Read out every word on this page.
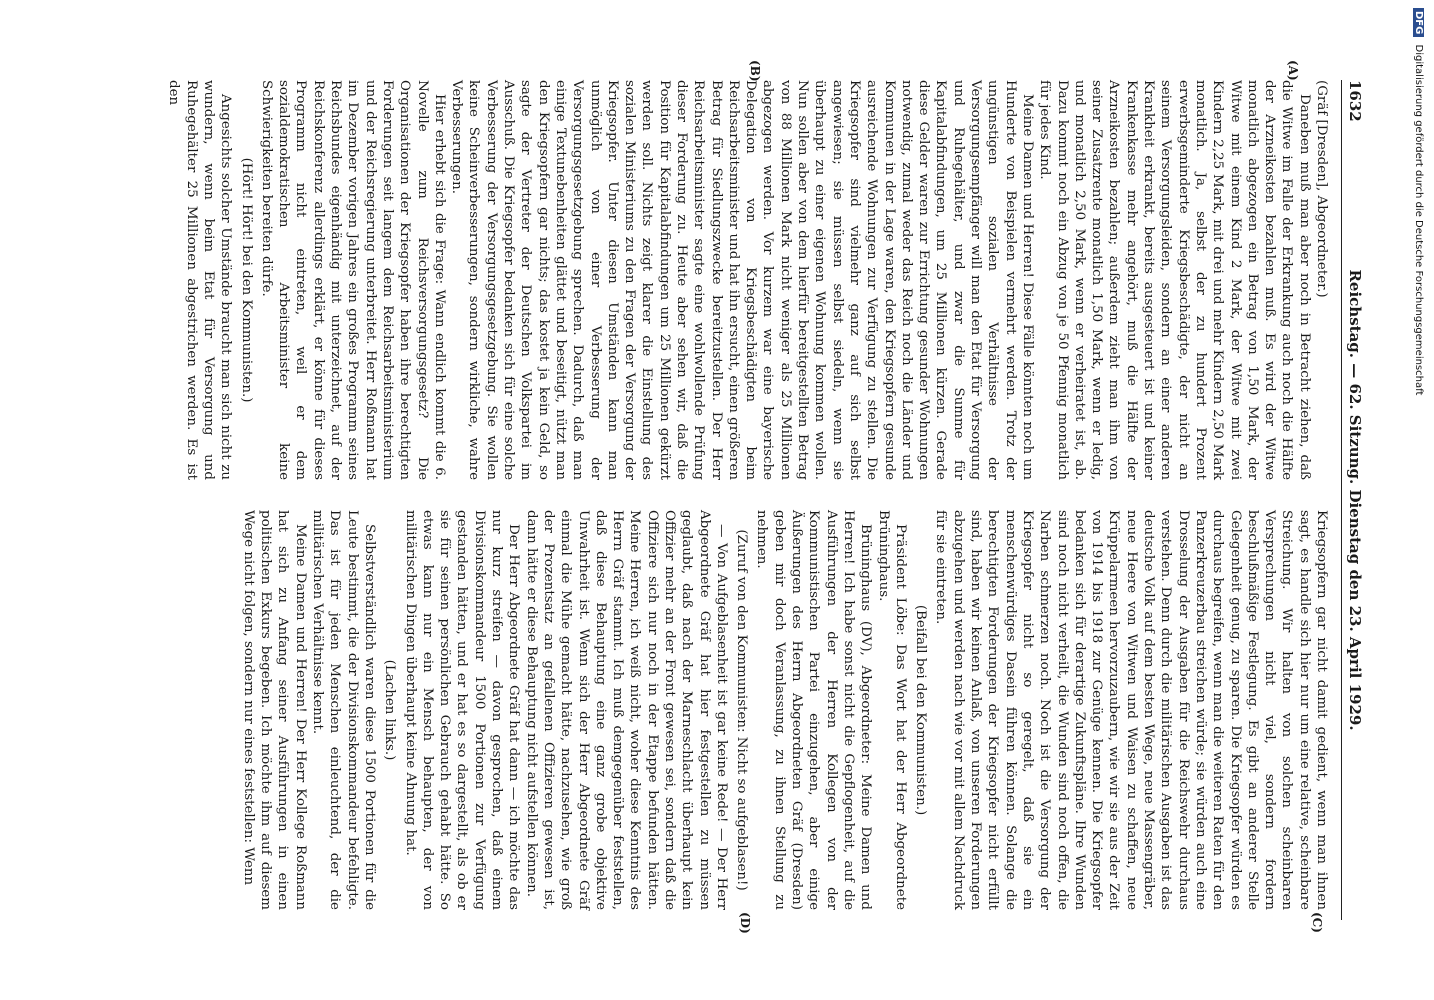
1632
Reichstag. — 62. Sitzung. Dienstag den 23. April 1929.
(A)
(B)
(C)
(D)

(Gräf [Dresden], Abgeordneter.)

Daneben muß man aber noch in Betracht ziehen, daß die Witwe im Falle der Erkrankung auch noch die Hälfte der Arzneikosten bezahlen muß. Es wird der Witwe monatlich abgezogen ein Betrag von 1,50 Mark, der Witwe mit einem Kind 2 Mark, der Witwe mit zwei Kindern 2,25 Mark, mit drei und mehr Kindern 2,50 Mark monatlich. Ja, selbst der zu hundert Prozent erwerbsgeminderte Kriegsbeschädigte, der nicht an seinem Versorgungsleiden, sondern an einer anderen Krankheit erkrankt, bereits ausgesteuert ist und keiner Krankenkasse mehr angehört, muß die Hälfte der Arzneikosten bezahlen; außerdem zieht man ihm von seiner Zusatzrente monatlich 1,50 Mark, wenn er ledig, und monatlich 2,50 Mark, wenn er verheiratet ist, ab. Dazu kommt noch ein Abzug von je 50 Pfennig monatlich für jedes Kind.

Meine Damen und Herren! Diese Fälle könnten noch um Hunderte von Beispielen vermehrt werden. Trotz der ungünstigen sozialen Verhältnisse der Versorgungsempfänger will man den Etat für Versorgung und Ruhegehälter, und zwar die Summe für Kapitalabfindungen, um 25 Millionen kürzen. Gerade diese Gelder waren zur Errichtung gesunder Wohnungen notwendig, zumal weder das Reich noch die Länder und Kommunen in der Lage waren, den Kriegsopfern gesunde ausreichende Wohnungen zur Verfügung zu stellen. Die Kriegsopfer sind vielmehr ganz auf sich selbst angewiesen; sie müssen selbst siedeln, wenn sie überhaupt zu einer eigenen Wohnung kommen wollen. Nun sollen aber von dem hierfür bereitgestellten Betrag von 88 Millionen Mark nicht weniger als 25 Millionen abgezogen werden. Vor kurzem war eine bayerische Delegation von Kriegsbeschädigten beim Reichsarbeitsminister und hat ihn ersucht, einen größeren Betrag für Siedlungszwecke bereitzustellen. Der Herr Reichsarbeitsminister sagte eine wohlwollende Prüfung dieser Forderung zu. Heute aber sehen wir, daß die Position für Kapitalabfindungen um 25 Millionen gekürzt werden soll. Nichts zeigt klarer die Einstellung des sozialen Ministeriums zu den Fragen der Versorgung der Kriegsopfer. Unter diesen Umständen kann man unmöglich von einer Verbesserung der Versorgungsgesetzgebung sprechen. Dadurch, daß man einige Textunebenheiten glättet und beseitigt, nützt man den Kriegsopfern gar nichts; das kostet ja kein Geld, so sagte der Vertreter der Deutschen Volkspartei im Ausschuß. Die Kriegsopfer bedanken sich für eine solche Verbesserung der Versorgungsgesetzgebung. Sie wollen keine Scheinverbesserungen, sondern wirkliche, wahre Verbesserungen.

Hier erhebt sich die Frage: Wann endlich kommt die 6. Novelle zum Reichsversorgungsgesetz? Die Organisationen der Kriegsopfer haben ihre berechtigten Forderungen seit langem dem Reichsarbeitsministerium und der Reichsregierung unterbreitet. Herr Roßmann hat im Dezember vorigen Jahres ein großes Programm seines Reichsbundes eigenhändig mit unterzeichnet, auf der Reichskonferenz allerdings erklärt, er könne für dieses Programm nicht eintreten, weil er dem sozialdemokratischen Arbeitsminister keine Schwierigkeiten bereiten dürfe.

(Hört! Hört! bei den Kommunisten.)

Angesichts solcher Umstände braucht man sich nicht zu wundern, wenn beim Etat für Versorgung und Ruhegehälter 25 Millionen abgestrichen werden. Es ist den

Kriegsopfern gar nicht damit gedient, wenn man ihnen sagt, es handle sich hier nur um eine relative, scheinbare Streichung. Wir halten von solchen scheinbaren Versprechungen nicht viel, sondern fordern beschlußmäßige Festlegung. Es gibt an anderer Stelle Gelegenheit genug, zu sparen. Die Kriegsopfer würden es durchaus begreifen, wenn man die weiteren Raten für den Panzerkreuzerbau streichen würde; sie würden auch eine Drosselung der Ausgaben für die Reichswehr durchaus verstehen. Denn durch die militärischen Ausgaben ist das deutsche Volk auf dem besten Wege, neue Massengräber, neue Heere von Witwen und Waisen zu schaffen, neue Krüppelarmeen hervorzuzaubern, wie wir sie aus der Zeit von 1914 bis 1918 zur Genüge kennen. Die Kriegsopfer bedanken sich für derartige Zukunftspläne. Ihre Wunden sind noch nicht verheilt, die Wunden sind noch offen, die Narben schmerzen noch. Noch ist die Versorgung der Kriegsopfer nicht so geregelt, daß sie ein menschenwürdiges Dasein führen können. Solange die berechtigten Forderungen der Kriegsopfer nicht erfüllt sind, haben wir keinen Anlaß, von unseren Forderungen abzugehen und werden nach wie vor mit allem Nachdruck für sie eintreten.

(Beifall bei den Kommunisten.)

Präsident Löbe: Das Wort hat der Herr Abgeordnete Brüninghaus.

Brüninghaus (DV), Abgeordneter: Meine Damen und Herren! Ich habe sonst nicht die Gepflogenheit, auf die Ausführungen der Herren Kollegen von der Kommunistischen Partei einzugehen, aber einige Äußerungen des Herrn Abgeordneten Gräf (Dresden) geben mir doch Veranlassung, zu ihnen Stellung zu nehmen.

(Zuruf von den Kommunisten: Nicht so aufgeblasen!)

— Von Aufgeblasenheit ist gar keine Rede! — Der Herr Abgeordnete Gräf hat hier festgestellen zu müssen geglaubt, daß nach der Marneschlacht überhaupt kein Offizier mehr an der Front gewesen sei, sondern daß die Offiziere sich nur noch in der Etappe befunden hätten. Meine Herren, ich weiß nicht, woher diese Kenntnis des Herrn Gräf stammt. Ich muß demgegenüber feststellen, daß diese Behauptung eine ganz grobe objektive Unwahrheit ist. Wenn sich der Herr Abgeordnete Gräf einmal die Mühe gemacht hätte, nachzusehen, wie groß der Prozentsatz an gefallenen Offizieren gewesen ist, dann hätte er diese Behauptung nicht aufstellen können.

Der Herr Abgeordnete Gräf hat dann — ich möchte das nur kurz streifen — davon gesprochen, daß einem Divisionskommandeur 1500 Portionen zur Verfügung gestanden hätten, und er hat es so dargestellt, als ob er sie für seinen persönlichen Gebrauch gehabt hätte. So etwas kann nur ein Mensch behaupten, der von militärischen Dingen überhaupt keine Ahnung hat.

(Lachen links.)

Selbstverständlich waren diese 1500 Portionen für die Leute bestimmt, die der Divisionskommandeur befehligte. Das ist für jeden Menschen einleuchtend, der die militärischen Verhältnisse kennt.

Meine Damen und Herren! Der Herr Kollege Roßmann hat sich zu Anfang seiner Ausführungen in einen politischen Exkurs begeben. Ich möchte ihm auf diesem Wege nicht folgen, sondern nur eines feststellen: Wenn

DFG Digitalisierung gefördert durch die Deutsche Forschungsgemeinschaft
